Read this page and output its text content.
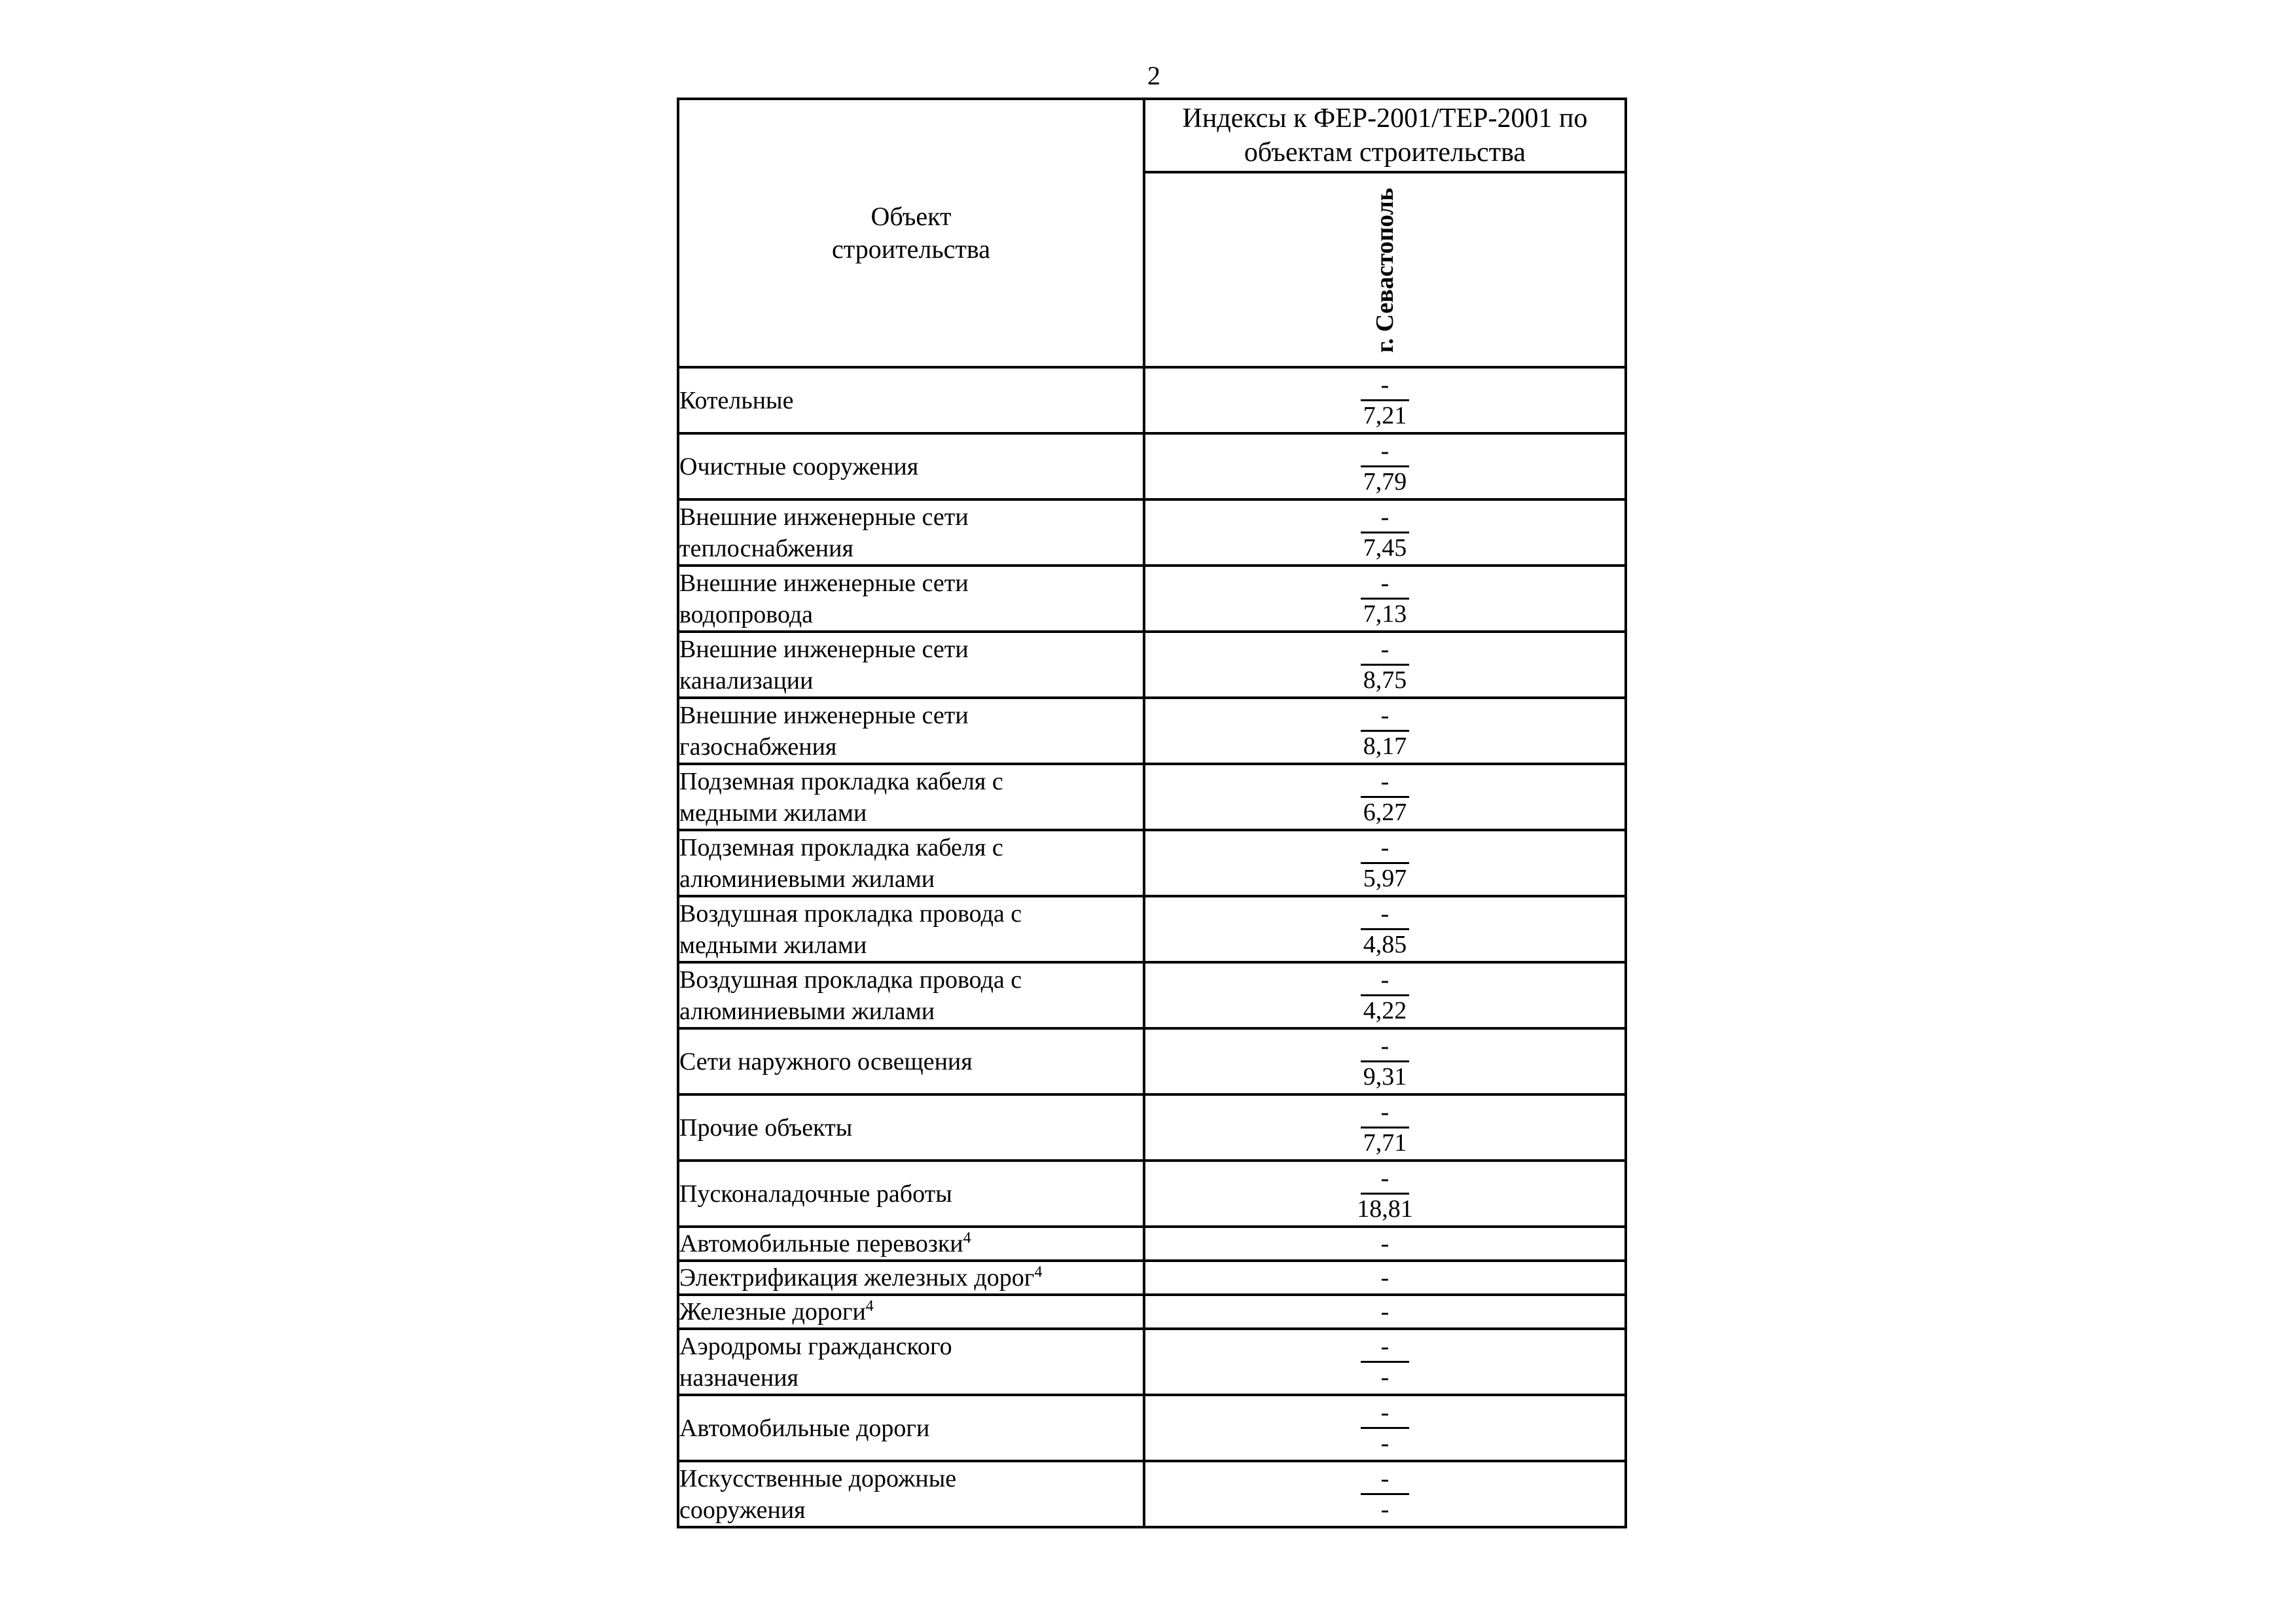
2
Объект строительства	Индексы к ФЕР-2001/ТЕР-2001 по объектам строительства

	г. Севастополь

Котельные	$\frac{-}{7,21}$

Очистные сооружения	$\frac{-}{7,79}$

Внешние инженерные сети теплоснабжения	$\frac{-}{7,45}$

Внешние инженерные сети водопровода	$\frac{-}{7,13}$

Внешние инженерные сети канализации	$\frac{-}{8,75}$

Внешние инженерные сети газоснабжения	$\frac{-}{8,17}$

Подземная прокладка кабеля с медными жилами	$\frac{-}{6,27}$

Подземная прокладка кабеля с алюминиевыми жилами	$\frac{-}{5,97}$

Воздушная прокладка провода с медными жилами	$\frac{-}{4,85}$

Воздушная прокладка провода с алюминиевыми жилами	$\frac{-}{4,22}$

Сети наружного освещения	$\frac{-}{9,31}$

Прочие объекты	$\frac{-}{7,71}$

Пусконаладочные работы	$\frac{-}{18,81}$

Автомобильные перевозки$^4$	-
Электрификация железных дорог$^4$	-
Железные дороги$^4$	-
Аэродромы гражданского назначения	$\frac{-}{-}$

Автомобильные дороги	$\frac{-}{-}$

Искусственные дорожные сооружения	$\frac{-}{-}$
